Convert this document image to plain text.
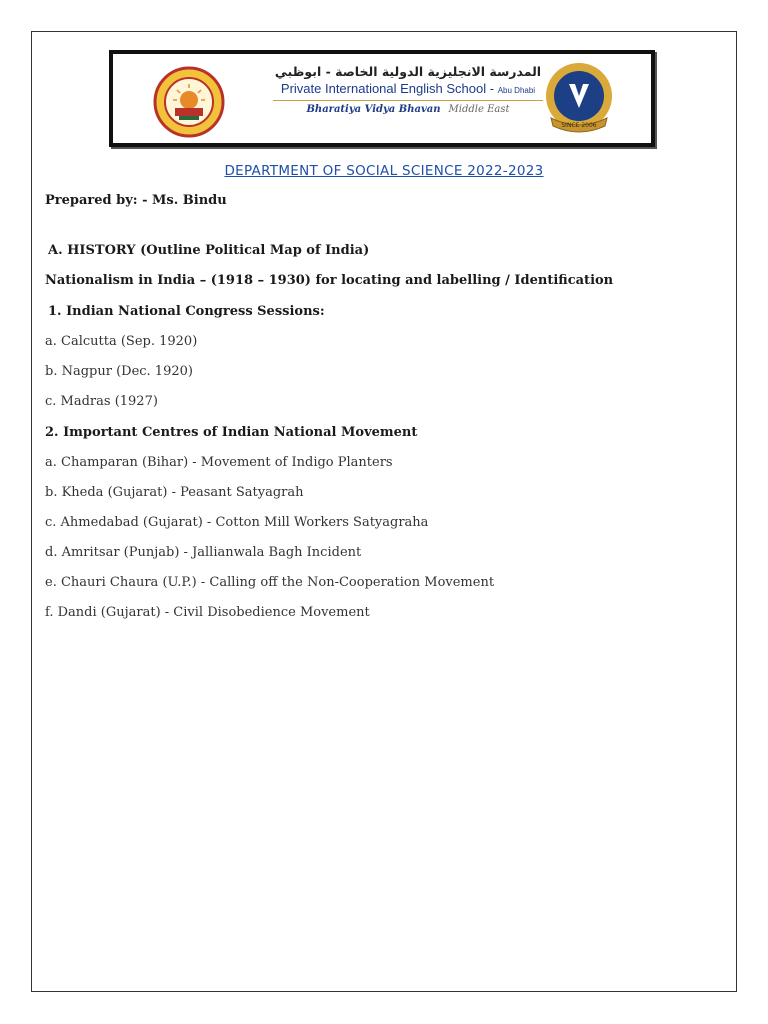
المدرسة الانجليزية الدولية الخاصة - ابوظبي
Private International English School - Abu Dhabi
Bharatiya Vidya Bhavan Middle East
SINCE 2006
DEPARTMENT OF SOCIAL SCIENCE 2022-2023
Prepared by: - Ms. Bindu
A. HISTORY (Outline Political Map of India)
Nationalism in India – (1918 – 1930) for locating and labelling / Identification
1. Indian National Congress Sessions:
a. Calcutta (Sep. 1920)
b. Nagpur (Dec. 1920)
c. Madras (1927)
2. Important Centres of Indian National Movement
a. Champaran (Bihar) - Movement of Indigo Planters
b. Kheda (Gujarat) - Peasant Satyagrah
c. Ahmedabad (Gujarat) - Cotton Mill Workers Satyagraha
d. Amritsar (Punjab) - Jallianwala Bagh Incident
e. Chauri Chaura (U.P.) - Calling off the Non-Cooperation Movement
f. Dandi (Gujarat) - Civil Disobedience Movement
